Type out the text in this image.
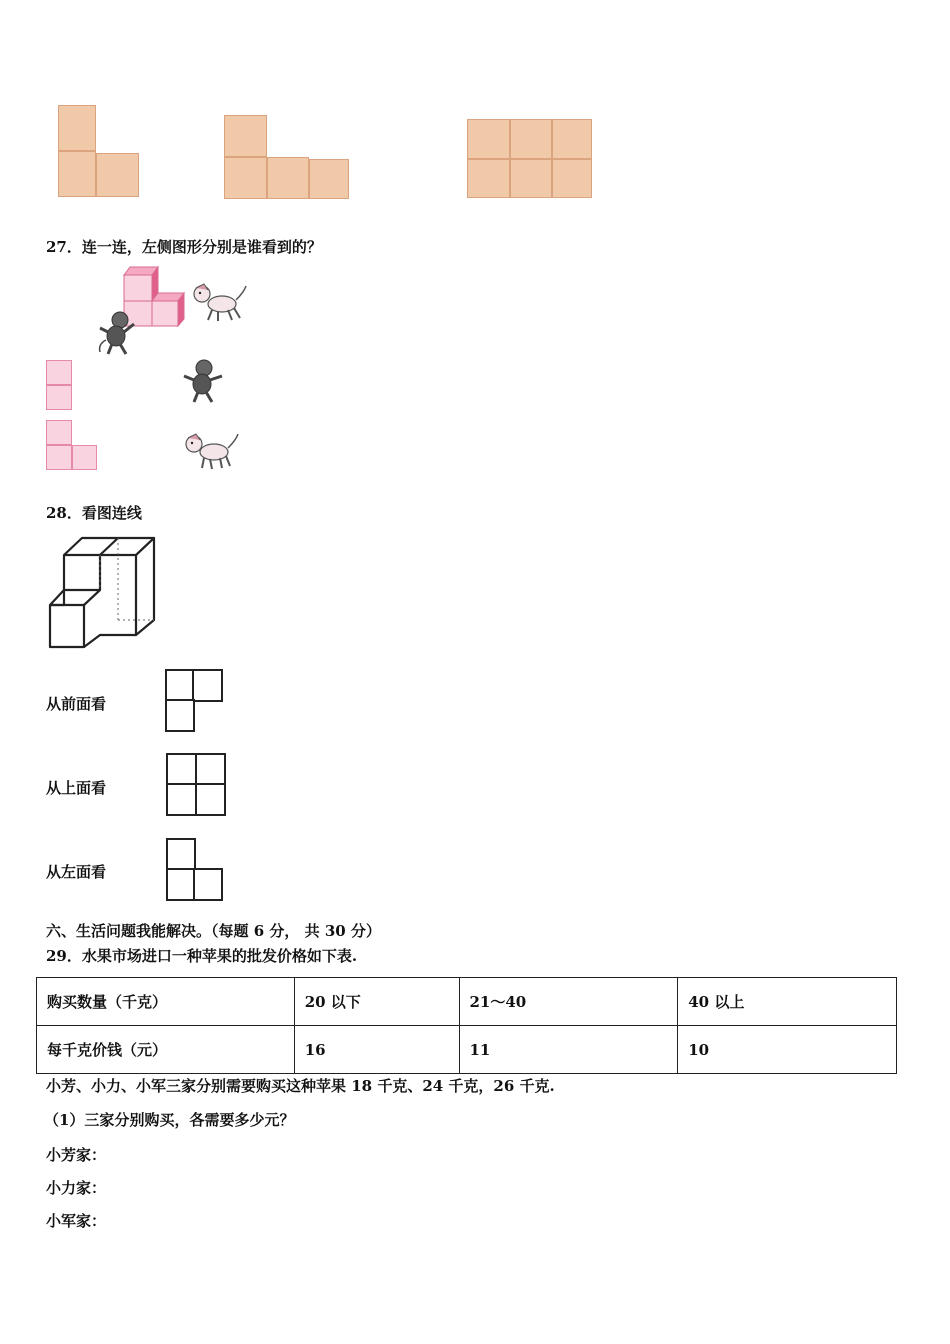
27．连一连，左侧图形分别是谁看到的？
28．看图连线
从前面看
从上面看
从左面看
六、生活问题我能解决。（每题 6 分， 共 30 分）
29．水果市场进口一种苹果的批发价格如下表.
购买数量（千克）	20 以下	21～40	40 以上
每千克价钱（元）	16	11	10
小芳、小力、小军三家分别需要购买这种苹果 18 千克、24 千克，26 千克.
（1）三家分别购买，各需要多少元？
小芳家：
小力家：
小军家：
